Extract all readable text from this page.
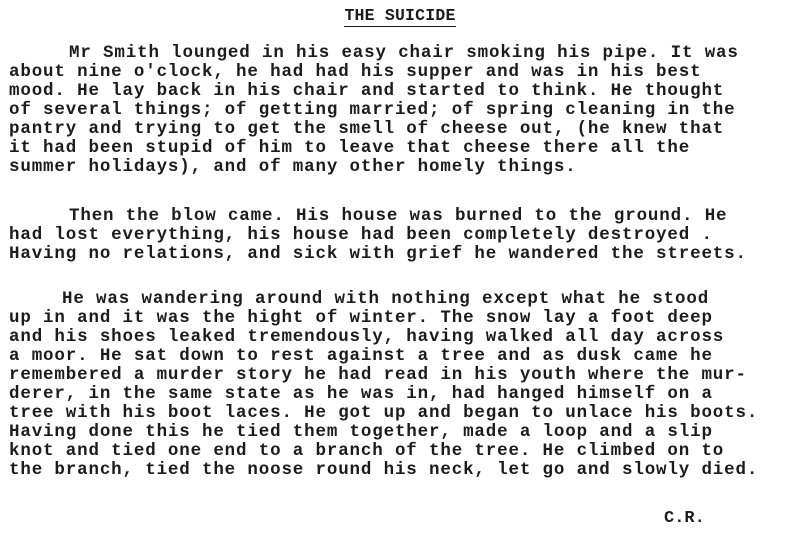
THE SUICIDE
Mr Smith lounged in his easy chair smoking his pipe. It was
about nine o'clock, he had had his supper and was in his best
mood. He lay back in his chair and started to think. He thought
of several things; of getting married; of spring cleaning in the
pantry and trying to get the smell of cheese out, (he knew that
it had been stupid of him to leave that cheese there all the
summer holidays), and of many other homely things.
Then the blow came. His house was burned to the ground. He
had lost everything, his house had been completely destroyed .
Having no relations, and sick with grief he wandered the streets.
He was wandering around with nothing except what he stood
up in and it was the hight of winter. The snow lay a foot deep
and his shoes leaked tremendously, having walked all day across
a moor. He sat down to rest against a tree and as dusk came he
remembered a murder story he had read in his youth where the mur-
derer, in the same state as he was in, had hanged himself on a
tree with his boot laces. He got up and began to unlace his boots.
Having done this he tied them together, made a loop and a slip
knot and tied one end to a branch of the tree. He climbed on to
the branch, tied the noose round his neck, let go and slowly died.
C.R.
